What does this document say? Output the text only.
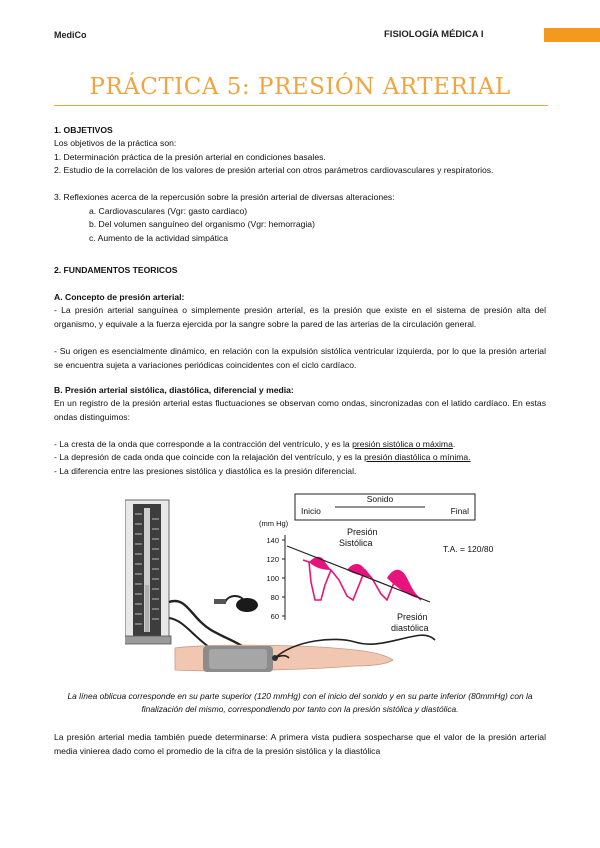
MediCo	FISIOLOGÍA MÉDICA I
PRÁCTICA 5: PRESIÓN ARTERIAL
1. OBJETIVOS
Los objetivos de la práctica son:
1. Determinación práctica de la presión arterial en condiciones basales.
2. Estudio de la correlación de los valores de presión arterial con otros parámetros cardiovasculares y respiratorios.
3. Reflexiones acerca de la repercusión sobre la presión arterial de diversas alteraciones:
a. Cardiovasculares (Vgr: gasto cardiaco)
b. Del volumen sanguíneo del organismo (Vgr: hemorragia)
c. Aumento de la actividad simpática
2. FUNDAMENTOS TEORICOS
A. Concepto de presión arterial:
- La presión arterial sanguínea o simplemente presión arterial, es la presión que existe en el sistema de presión alta del organismo, y equivale a la fuerza ejercida por la sangre sobre la pared de las arterias de la circulación general.
- Su origen es esencialmente dinámico, en relación con la expulsión sistólica ventricular izquierda, por lo que la presión arterial se encuentra sujeta a variaciones periódicas coincidentes con el ciclo cardíaco.
B. Presión arterial sistólica, diastólica, diferencial y media:
En un registro de la presión arterial estas fluctuaciones se observan como ondas, sincronizadas con el latido cardíaco. En estas ondas distinguimos:
- La cresta de la onda que corresponde a la contracción del ventrículo, y es la presión sistólica o máxima.
- La depresión de cada onda que coincide con la relajación del ventrículo, y es la presión diastólica o mínima.
- La diferencia entre las presiones sistólica y diastólica es la presión diferencial.
Sonido
Inicio	Final
(mm Hg)
140
120
100
80
60
Presión
Sistólica
T.A. = 120/80
Presión
diastólica
La línea oblicua corresponde en su parte superior (120 mmHg) con el inicio del sonido y en su parte inferior (80mmHg) con la finalización del mismo, correspondiendo por tanto con la presión sistólica y diastólica.
La presión arterial media también puede determinarse: A primera vista pudiera sospecharse que el valor de la presión arterial media vinierea dado como el promedio de la cifra de la presión sistólica y la diastólica
